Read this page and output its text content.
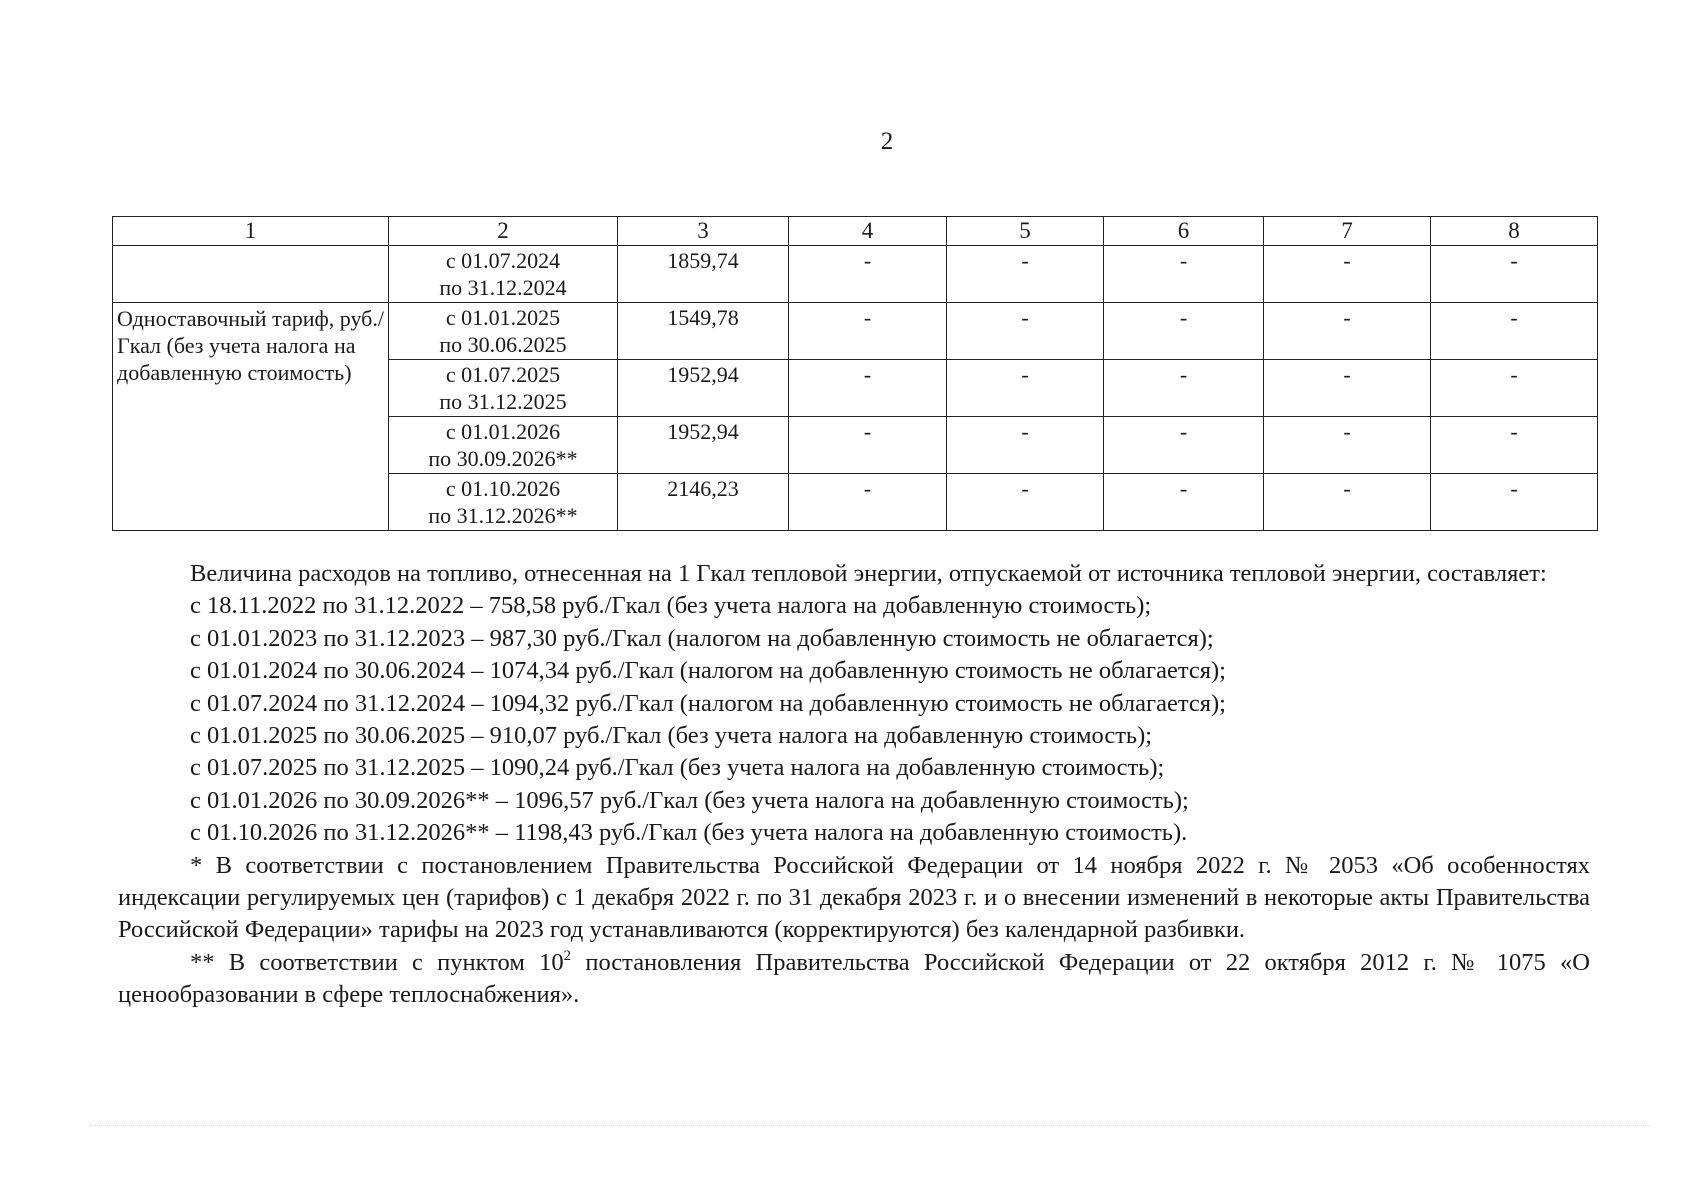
2
1	2	3	4	5	6	7	8

	с 01.07.2024
по 31.12.2024	1859,74	-	-	-	-	-
Одноставочный тариф, руб./Гкал (без учета налога на добавленную стоимость)	с 01.01.2025
по 30.06.2025	1549,78	-	-	-	-	-

	с 01.07.2025
по 31.12.2025	1952,94	-	-	-	-	-

	с 01.01.2026
по 30.09.2026**	1952,94	-	-	-	-	-

	с 01.10.2026
по 31.12.2026**	2146,23	-	-	-	-	-

Величина расходов на топливо, отнесенная на 1 Гкал тепловой энергии, отпускаемой от источника тепловой энергии, составляет:

с 18.11.2022 по 31.12.2022 – 758,58 руб./Гкал (без учета налога на добавленную стоимость);
с 01.01.2023 по 31.12.2023 – 987,30 руб./Гкал (налогом на добавленную стоимость не облагается);
с 01.01.2024 по 30.06.2024 – 1074,34 руб./Гкал (налогом на добавленную стоимость не облагается);
с 01.07.2024 по 31.12.2024 – 1094,32 руб./Гкал (налогом на добавленную стоимость не облагается);
с 01.01.2025 по 30.06.2025 – 910,07 руб./Гкал (без учета налога на добавленную стоимость);
с 01.07.2025 по 31.12.2025 – 1090,24 руб./Гкал (без учета налога на добавленную стоимость);
с 01.01.2026 по 30.09.2026** – 1096,57 руб./Гкал (без учета налога на добавленную стоимость);
с 01.10.2026 по 31.12.2026** – 1198,43 руб./Гкал (без учета налога на добавленную стоимость).

* В соответствии с постановлением Правительства Российской Федерации от 14 ноября 2022 г. № 2053 «Об особенностях индексации регулируемых цен (тарифов) с 1 декабря 2022 г. по 31 декабря 2023 г. и о внесении изменений в некоторые акты Правительства Российской Федерации» тарифы на 2023 год устанавливаются (корректируются) без календарной разбивки.

** В соответствии с пунктом $10^2$ постановления Правительства Российской Федерации от 22 октября 2012 г. № 1075 «О ценообразовании в сфере теплоснабжения».
